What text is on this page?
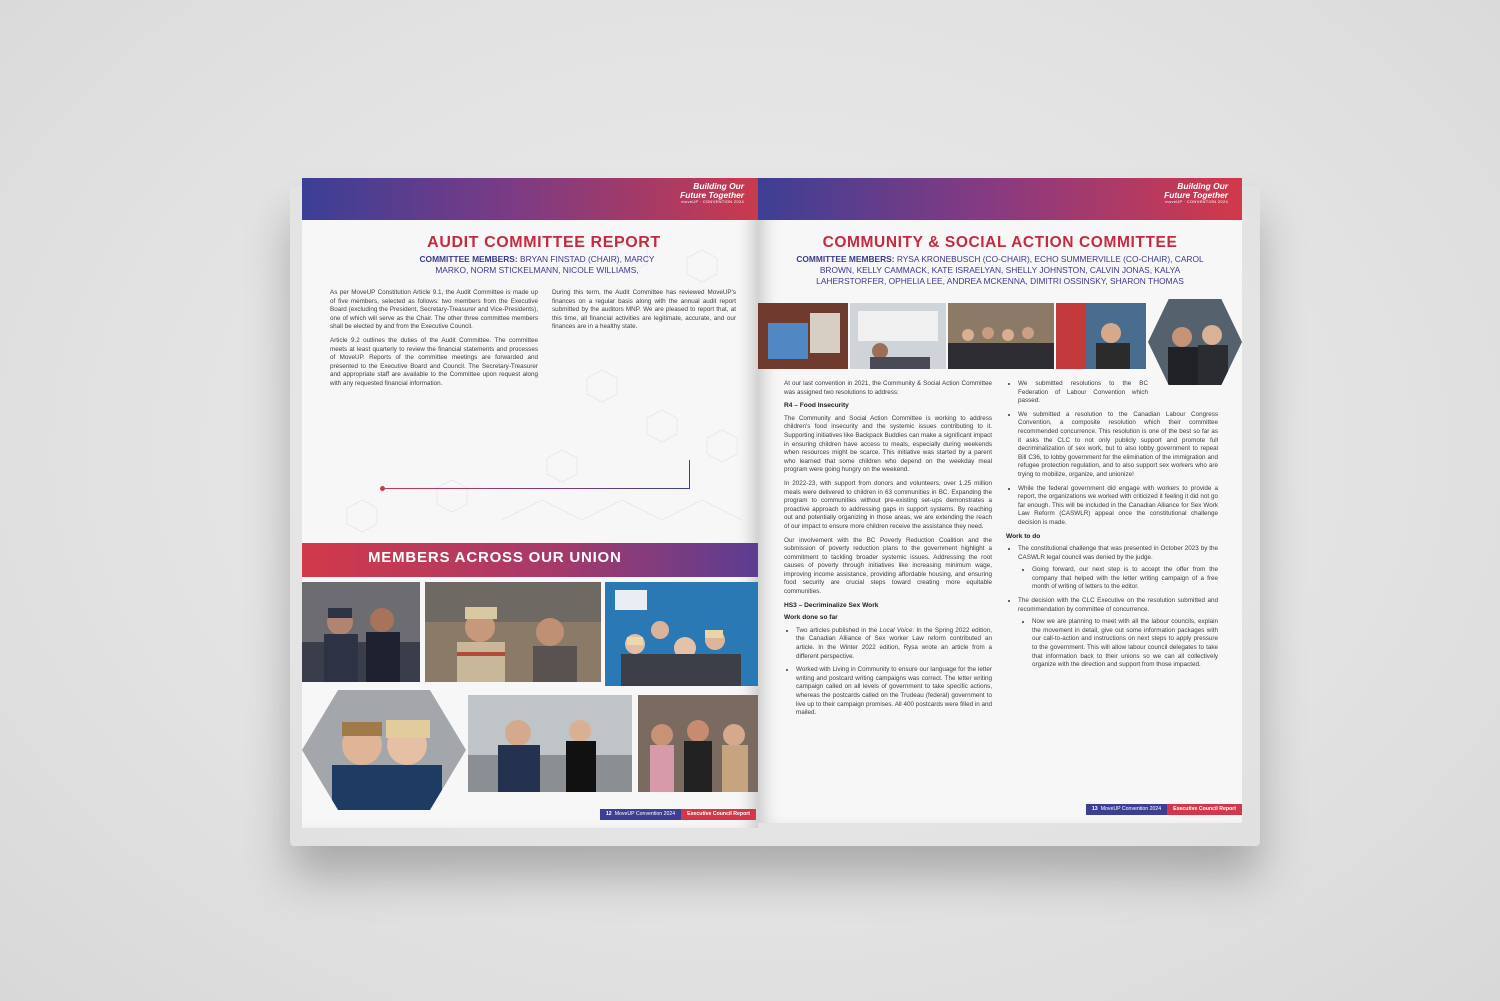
Building Our
Future Together
moveUP · CONVENTION 2024
AUDIT COMMITTEE REPORT
COMMITTEE MEMBERS: BRYAN FINSTAD (CHAIR), MARCY MARKO, NORM STICKELMANN, NICOLE WILLIAMS,

As per MoveUP Constitution Article 9.1, the Audit Committee is made up of five members, selected as follows: two members from the Executive Board (excluding the President, Secretary-Treasurer and Vice-Presidents), one of which will serve as the Chair. The other three committee members shall be elected by and from the Executive Council.

Article 9.2 outlines the duties of the Audit Committee. The committee meets at least quarterly to review the financial statements and processes of MoveUP. Reports of the committee meetings are forwarded and presented to the Executive Board and Council. The Secretary-Treasurer and appropriate staff are available to the Committee upon request along with any requested financial information.

During this term, the Audit Committee has reviewed MoveUP's finances on a regular basis along with the annual audit report submitted by the auditors MNP. We are pleased to report that, at this time, all financial activities are legitimate, accurate, and our finances are in a healthy state.

MEMBERS ACROSS OUR UNION
12 MoveUP Convention 2024	Executive Council Report
Building Our
Future Together
moveUP · CONVENTION 2024
COMMUNITY & SOCIAL ACTION COMMITTEE
COMMITTEE MEMBERS: RYSA KRONEBUSCH (CO-CHAIR), ECHO SUMMERVILLE (CO-CHAIR), CAROL BROWN, KELLY CAMMACK, KATE ISRAELYAN, SHELLY JOHNSTON, CALVIN JONAS, KALYA LAHERSTORFER, OPHELIA LEE, ANDREA MCKENNA, DIMITRI OSSINSKY, SHARON THOMAS

At our last convention in 2021, the Community & Social Action Committee was assigned two resolutions to address:

R4 – Food Insecurity

The Community and Social Action Committee is working to address children's food insecurity and the systemic issues contributing to it. Supporting initiatives like Backpack Buddies can make a significant impact in ensuring children have access to meals, especially during weekends when resources might be scarce. This initiative was started by a parent who learned that some children who depend on the weekday meal program were going hungry on the weekend.

In 2022-23, with support from donors and volunteers, over 1.25 million meals were delivered to children in 63 communities in BC. Expanding the program to communities without pre-existing set-ups demonstrates a proactive approach to addressing gaps in support systems. By reaching out and potentially organizing in those areas, we are extending the reach of our impact to ensure more children receive the assistance they need.

Our involvement with the BC Poverty Reduction Coalition and the submission of poverty reduction plans to the government highlight a commitment to tackling broader systemic issues. Addressing the root causes of poverty through initiatives like increasing minimum wage, improving income assistance, providing affordable housing, and ensuring food security are crucial steps toward creating more equitable communities.

HS3 – Decriminalize Sex Work
Work done so far
• Two articles published in the Local Voice: In the Spring 2022 edition, the Canadian Alliance of Sex worker Law reform contributed an article. In the Winter 2022 edition, Rysa wrote an article from a different perspective.
• Worked with Living in Community to ensure our language for the letter writing and postcard writing campaigns was correct. The letter writing campaign called on all levels of government to take specific actions, whereas the postcards called on the Trudeau (federal) government to live up to their campaign promises. All 400 postcards were filled in and mailed.
• We submitted resolutions to the BC Federation of Labour Convention which passed.
• We submitted a resolution to the Canadian Labour Congress Convention, a composite resolution which their committee recommended concurrence. This resolution is one of the best so far as it asks the CLC to not only publicly support and promote full decriminalization of sex work, but to also lobby government to repeal Bill C36, to lobby government for the elimination of the immigration and refugee protection regulation, and to also support sex workers who are trying to mobilize, organize, and unionize!
• While the federal government did engage with workers to provide a report, the organizations we worked with criticized it feeling it did not go far enough. This will be included in the Canadian Alliance for Sex Work Law Reform (CASWLR) appeal once the constitutional challenge decision is made.
Work to do
• The constitutional challenge that was presented in October 2023 by the CASWLR legal council was denied by the judge.
• Going forward, our next step is to accept the offer from the company that helped with the letter writing campaign of a free month of writing of letters to the editor.
• The decision with the CLC Executive on the resolution submitted and recommendation by committee of concurrence.
• Now we are planning to meet with all the labour councils, explain the movement in detail, give out some information packages with our call-to-action and instructions on next steps to apply pressure to the government. This will allow labour council delegates to take that information back to their unions so we can all collectively organize with the direction and support from those impacted.
13 MoveUP Convention 2024	Executive Council Report
